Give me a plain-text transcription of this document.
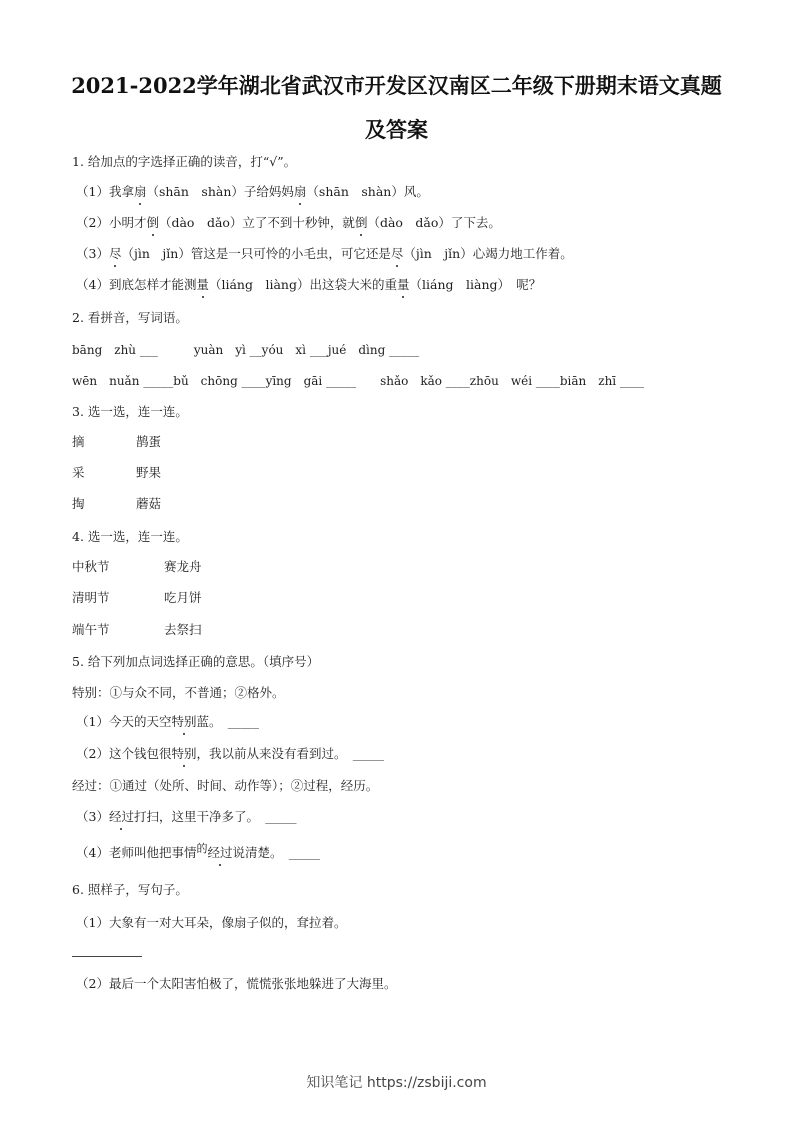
2021-2022学年湖北省武汉市开发区汉南区二年级下册期末语文真题
及答案
1. 给加点的字选择正确的读音，打“√”。
（1）我拿扇（shān　shàn）子给妈妈扇（shān　shàn）风。
（2）小明才倒（dào　dǎo）立了不到十秒钟，就倒（dào　dǎo）了下去。
（3）尽（jìn　jǐn）管这是一只可怜的小毛虫，可它还是尽（jìn　jǐn）心竭力地工作着。
（4）到底怎样才能测量（liáng　liàng）出这袋大米的重量（liáng　liàng）　呢？
2. 看拼音，写词语。
bāng　zhù ___　　　yuàn　yì __yóu　xì ___jué　dìng _____
wēn　nuǎn _____bǔ　chōng ____yīng　gāi _____　　shǎo　kǎo ____zhōu　wéi ____biān　zhī ____
3. 选一选，连一连。
摘	鹊蛋
采	野果
掏	蘑菇
4. 选一选，连一连。
中秋节	赛龙舟
清明节	吃月饼
端午节	去祭扫
5. 给下列加点词选择正确的意思。（填序号）
特别：①与众不同，不普通；②格外。
（1）今天的天空特别蓝。　_____
（2）这个钱包很特别，我以前从来没有看到过。　_____
经过：①通过（处所、时间、动作等）；②过程，经历。
（3）经过打扫，这里干净多了。　_____
（4）老师叫他把事情的经过说清楚。　_____
6. 照样子，写句子。
（1）大象有一对大耳朵，像扇子似的，耷拉着。
（2）最后一个太阳害怕极了，慌慌张张地躲进了大海里。
知识笔记 https://zsbiji.com
